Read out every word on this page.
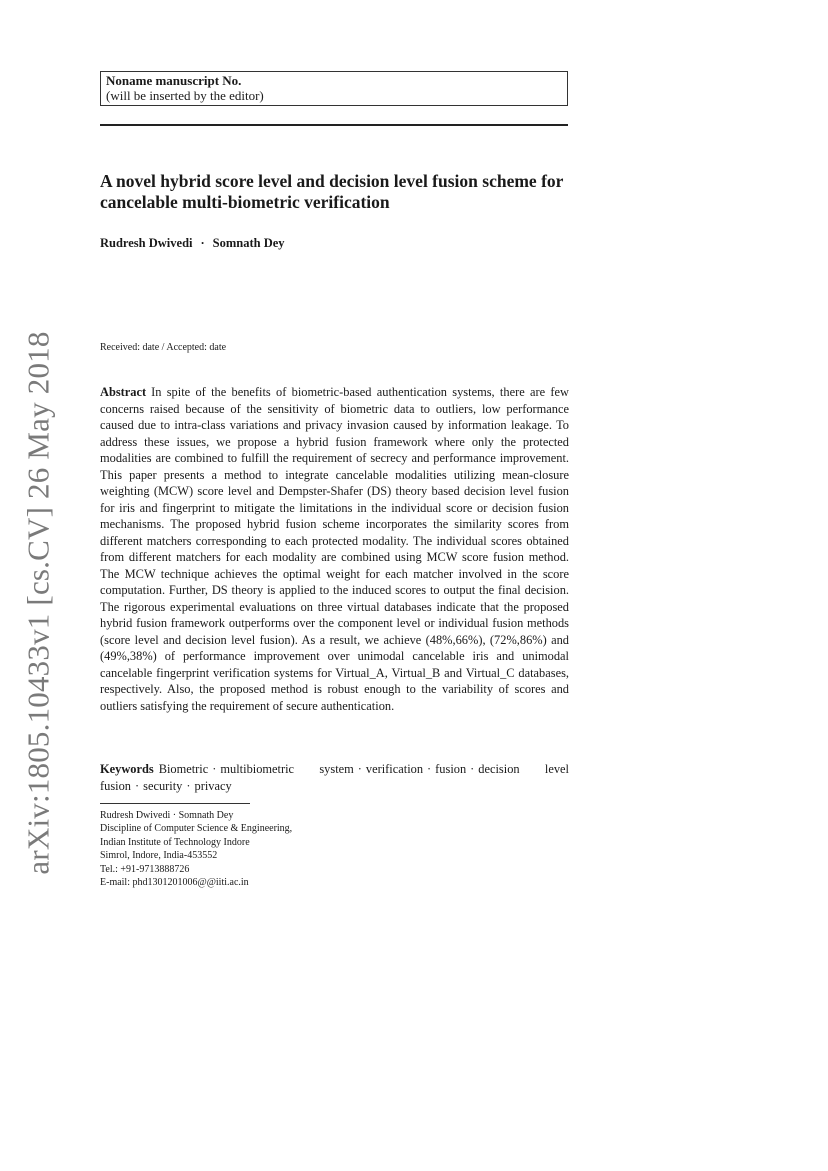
arXiv:1805.10433v1 [cs.CV] 26 May 2018
Noname manuscript No.
(will be inserted by the editor)
A novel hybrid score level and decision level fusion scheme for cancelable multi-biometric verification
Rudresh Dwivedi · Somnath Dey
Received: date / Accepted: date

Abstract In spite of the benefits of biometric-based authentication systems, there are few concerns raised because of the sensitivity of biometric data to outliers, low performance caused due to intra-class variations and privacy invasion caused by information leakage. To address these issues, we propose a hybrid fusion framework where only the protected modalities are combined to fulfill the requirement of secrecy and performance improvement. This paper presents a method to integrate cancelable modalities utilizing mean-closure weighting (MCW) score level and Dempster-Shafer (DS) theory based decision level fusion for iris and fingerprint to mitigate the limitations in the individual score or decision fusion mechanisms. The proposed hybrid fusion scheme incorporates the similarity scores from different matchers corresponding to each protected modality. The individual scores obtained from different matchers for each modality are combined using MCW score fusion method. The MCW technique achieves the optimal weight for each matcher involved in the score computation. Further, DS theory is applied to the induced scores to output the final decision. The rigorous experimental evaluations on three virtual databases indicate that the proposed hybrid fusion framework outperforms over the component level or individual fusion methods (score level and decision level fusion). As a result, we achieve (48%,66%), (72%,86%) and (49%,38%) of performance improvement over unimodal cancelable iris and unimodal cancelable fingerprint verification systems for Virtual_A, Virtual_B and Virtual_C databases, respectively. Also, the proposed method is robust enough to the variability of scores and outliers satisfying the requirement of secure authentication.

Keywords Biometric · multibiometric system · verification · fusion · decision level fusion · security · privacy

Rudresh Dwivedi · Somnath Dey
Discipline of Computer Science & Engineering,
Indian Institute of Technology Indore
Simrol, Indore, India-453552
Tel.: +91-9713888726
E-mail: phd1301201006@@iiti.ac.in
